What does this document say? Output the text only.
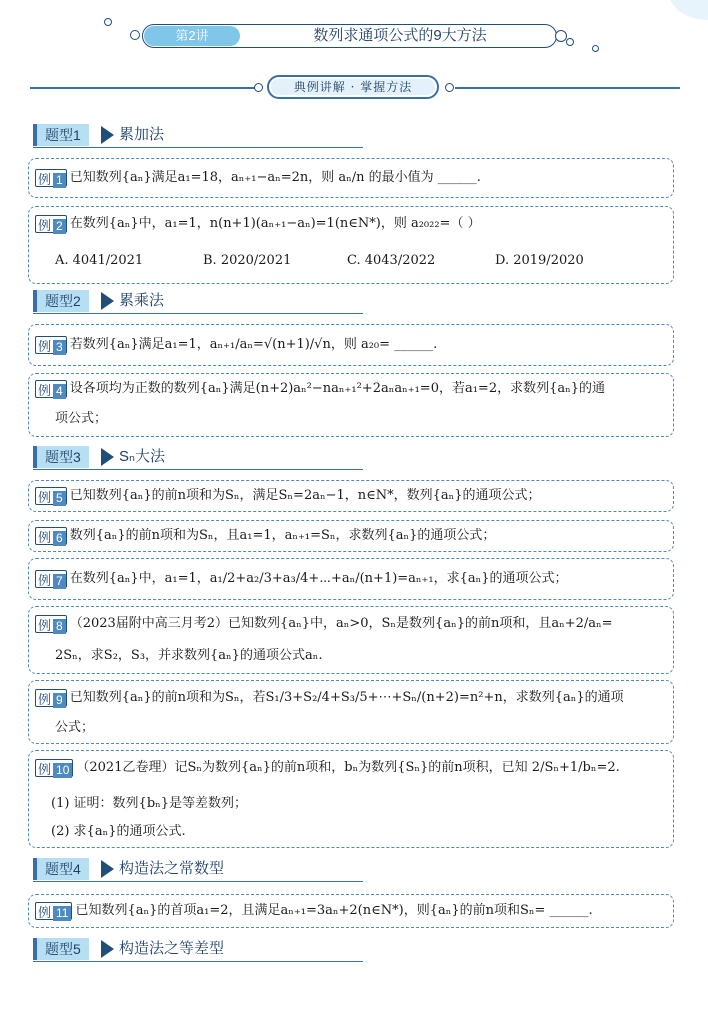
第2讲	数列求通项公式的9大方法
典例讲解 · 掌握方法
题型1	累加法
例 1 已知数列{aₙ}满足a₁=18，aₙ₊₁−aₙ=2n，则 aₙ/n 的最小值为 ______.
例 2 在数列{aₙ}中，a₁=1，n(n+1)(aₙ₊₁−aₙ)=1(n∈N*)，则 a₂₀₂₂=（ ）
A. 4041/2021	B. 2020/2021	C. 4043/2022	D. 2019/2020
题型2	累乘法
例 3 若数列{aₙ}满足a₁=1，aₙ₊₁/aₙ=√(n+1)/√n，则 a₂₀= ______.
例 4 设各项均为正数的数列{aₙ}满足(n+2)aₙ²−naₙ₊₁²+2aₙaₙ₊₁=0，若a₁=2，求数列{aₙ}的通
项公式；
题型3	Sₙ大法
例 5 已知数列{aₙ}的前n项和为Sₙ，满足Sₙ=2aₙ−1，n∈N*，数列{aₙ}的通项公式；
例 6 数列{aₙ}的前n项和为Sₙ，且a₁=1，aₙ₊₁=Sₙ，求数列{aₙ}的通项公式；
例 7 在数列{aₙ}中，a₁=1，a₁/2+a₂/3+a₃/4+⋯+aₙ/(n+1)=aₙ₊₁，求{aₙ}的通项公式；
例 8 （2023届附中高三月考2）已知数列{aₙ}中，aₙ>0，Sₙ是数列{aₙ}的前n项和，且aₙ+2/aₙ=
2Sₙ，求S₂，S₃，并求数列{aₙ}的通项公式aₙ.
例 9 已知数列{aₙ}的前n项和为Sₙ，若S₁/3+S₂/4+S₃/5+⋯+Sₙ/(n+2)=n²+n，求数列{aₙ}的通项
公式；
例 10 （2021乙卷理）记Sₙ为数列{aₙ}的前n项和，bₙ为数列{Sₙ}的前n项积，已知 2/Sₙ+1/bₙ=2.
(1) 证明：数列{bₙ}是等差数列；
(2) 求{aₙ}的通项公式.
题型4	构造法之常数型
例 11 已知数列{aₙ}的首项a₁=2，且满足aₙ₊₁=3aₙ+2(n∈N*)，则{aₙ}的前n项和Sₙ= ______.
题型5	构造法之等差型
